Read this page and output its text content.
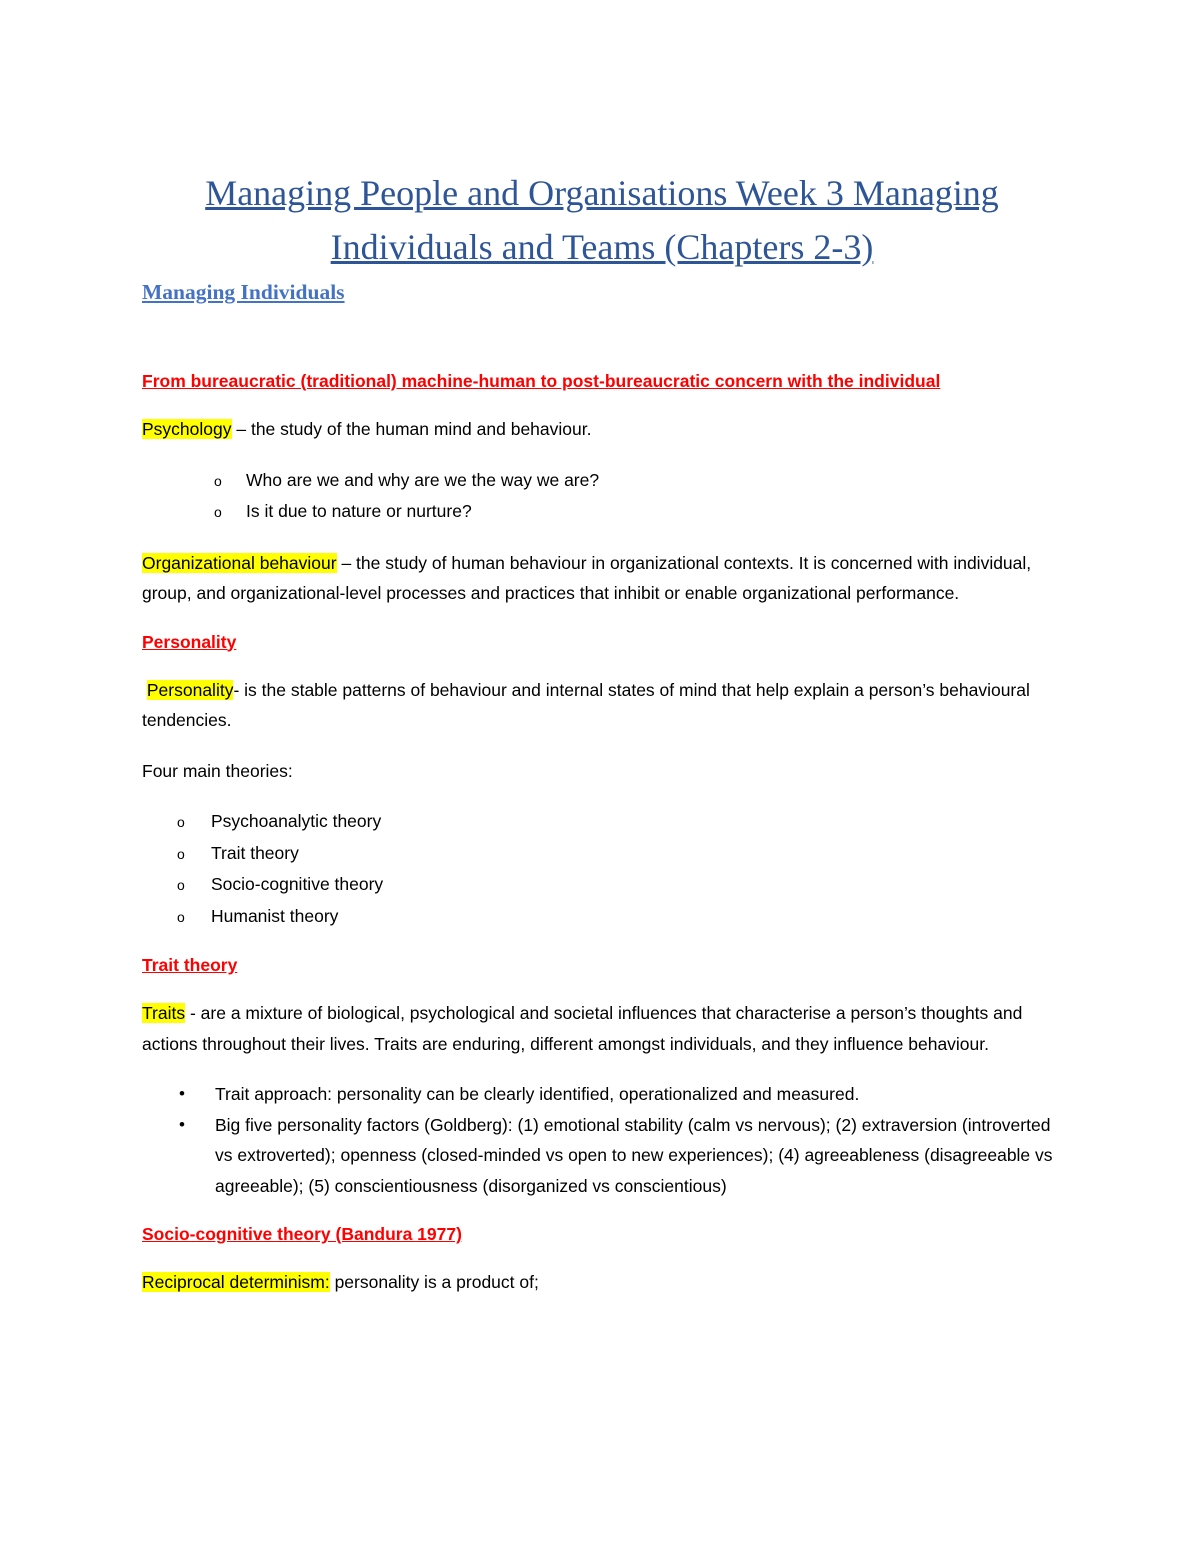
Managing People and Organisations Week 3 Managing Individuals and Teams (Chapters 2-3)
Managing Individuals
From bureaucratic (traditional) machine-human to post-bureaucratic concern with the individual

Psychology – the study of the human mind and behaviour.

o Who are we and why are we the way we are?
o Is it due to nature or nurture?

Organizational behaviour – the study of human behaviour in organizational contexts. It is concerned with individual, group, and organizational-level processes and practices that inhibit or enable organizational performance.

Personality

Personality- is the stable patterns of behaviour and internal states of mind that help explain a person’s behavioural tendencies.

Four main theories:

o Psychoanalytic theory
o Trait theory
o Socio-cognitive theory
o Humanist theory
Trait theory

Traits - are a mixture of biological, psychological and societal influences that characterise a person’s thoughts and actions throughout their lives. Traits are enduring, different amongst individuals, and they influence behaviour.

• Trait approach: personality can be clearly identified, operationalized and measured.
• Big five personality factors (Goldberg): (1) emotional stability (calm vs nervous); (2) extraversion (introverted vs extroverted); openness (closed-minded vs open to new experiences); (4) agreeableness (disagreeable vs agreeable); (5) conscientiousness (disorganized vs conscientious)
Socio-cognitive theory (Bandura 1977)

Reciprocal determinism: personality is a product of;
